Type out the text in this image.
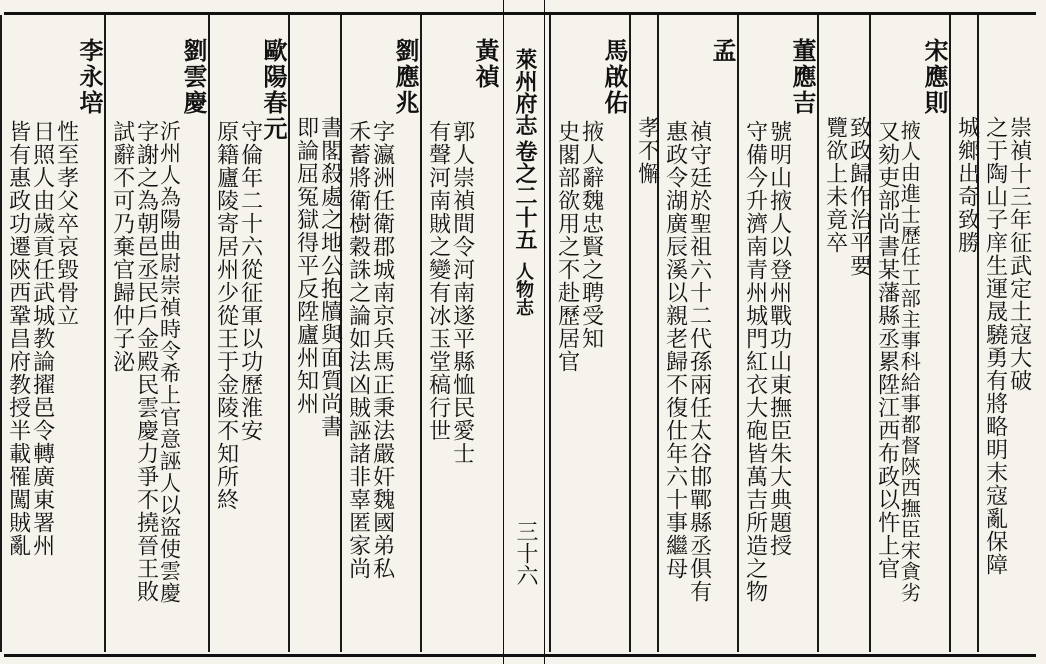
萊州府志
卷之二十五
人物志
三十六
崇禎十三年征武定土寇大破
之于陶山子庠生運晟驍勇有將略明末寇亂保障
城鄉出奇致勝
宋應則
掖人由進士歷任工部主事科給事都督陝西撫臣宋貪劣
又劾吏部尚書某藩縣丞累陞江西布政以忤上官
致政歸作治平要
覽欲上未竟卒
董應吉
號明山掖人以登州戰功山東撫臣朱大典題授
守備今升濟南青州城門紅衣大砲皆萬吉所造之物
孟
禎守廷於聖祖六十二代孫兩任太谷邯鄲縣丞俱有
惠政令湖廣辰溪以親老歸不復仕年六十事繼母
孝不懈
馬啟佑
掖人辭魏忠賢之聘受知
史閣部欲用之不赴歷居官
黃禎
郭人崇禎間令河南遂平縣恤民愛士
有聲河南賊之變有冰玉堂稿行世
劉應兆
字瀛洲任衛郡城南京兵馬正秉法嚴奸魏國弟私
禾蓄將衛樹穀誅之論如法凶賊誣諸非辜匿家尚
書閣殺處之地公抱牘與面質尚書
即論屈冤獄得平反陞廬州知州
歐陽春元
守倫年二十六從征軍以功歷淮安
原籍廬陵寄居州少從王于金陵不知所終
劉雲慶
沂州人為陽曲尉崇禎時令希上官意誣人以盜使雲慶
字謝之為朝邑丞民戶金殿民雲慶力爭不撓晉王敗
試辭不可乃棄官歸仲子泌
李永培
性至孝父卒哀毀骨立
日照人由歲貢任武城教論擢邑令轉廣東署州
皆有惠政功遷陝西鞏昌府教授半載罹闖賊亂
